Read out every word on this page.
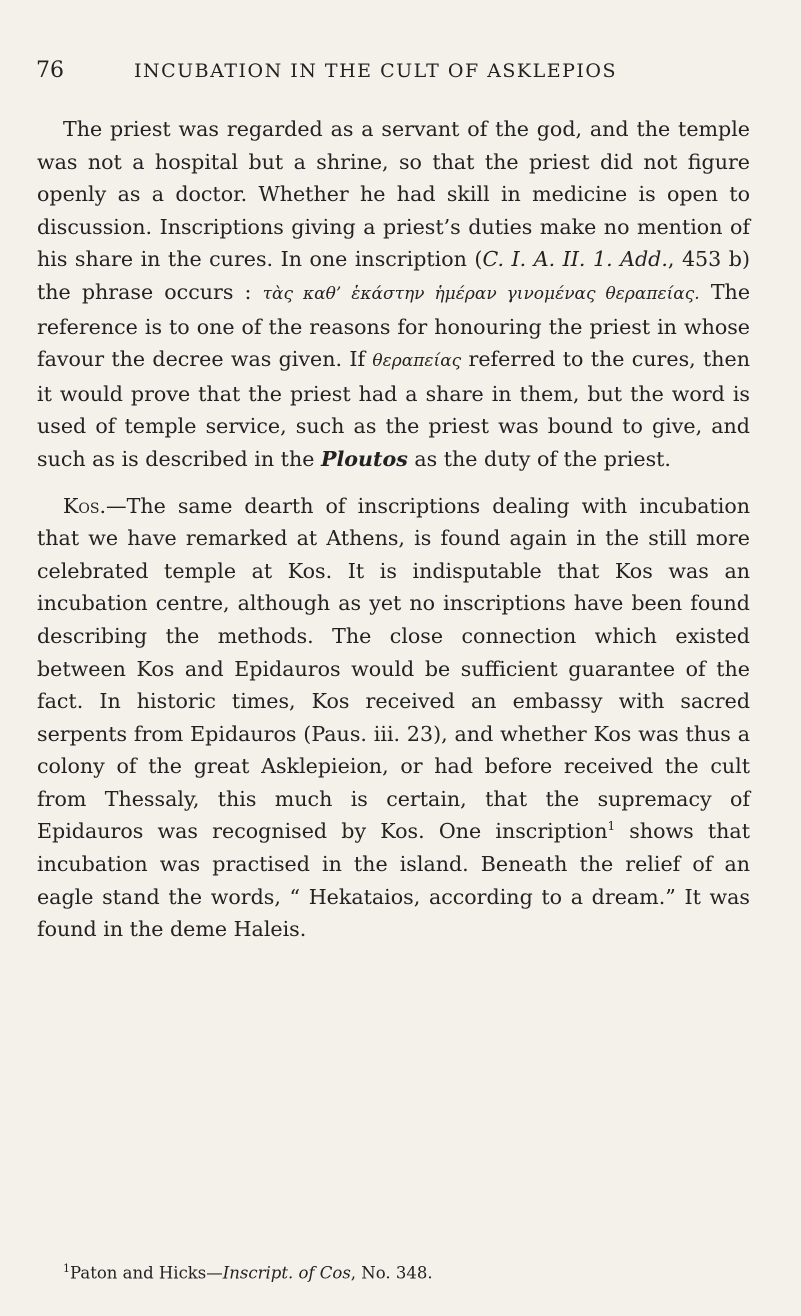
76	INCUBATION IN THE CULT OF ASKLEPIOS

The priest was regarded as a servant of the god, and the temple was not a hospital but a shrine, so that the priest did not figure openly as a doctor. Whether he had skill in medicine is open to discussion. Inscriptions giving a priest’s duties make no mention of his share in the cures. In one inscription (C. I. A. II. 1. Add., 453 b) the phrase occurs : τὰς καθ’ ἑκάστην ἡμέραν γινομένας θεραπείας. The reference is to one of the reasons for honouring the priest in whose favour the decree was given. If θεραπείας referred to the cures, then it would prove that the priest had a share in them, but the word is used of temple service, such as the priest was bound to give, and such as is described in the Ploutos as the duty of the priest.

Kos.—The same dearth of inscriptions dealing with incubation that we have remarked at Athens, is found again in the still more celebrated temple at Kos. It is indisputable that Kos was an incubation centre, although as yet no inscriptions have been found describing the methods. The close connection which existed between Kos and Epidauros would be sufficient guarantee of the fact. In historic times, Kos received an embassy with sacred serpents from Epidauros (Paus. iii. 23), and whether Kos was thus a colony of the great Asklepieion, or had before received the cult from Thessaly, this much is certain, that the supremacy of Epidauros was recognised by Kos. One inscription$^1$ shows that incubation was practised in the island. Beneath the relief of an eagle stand the words, “ Hekataios, according to a dream.” It was found in the deme Haleis.

$^1$Paton and Hicks—Inscript. of Cos, No. 348.
